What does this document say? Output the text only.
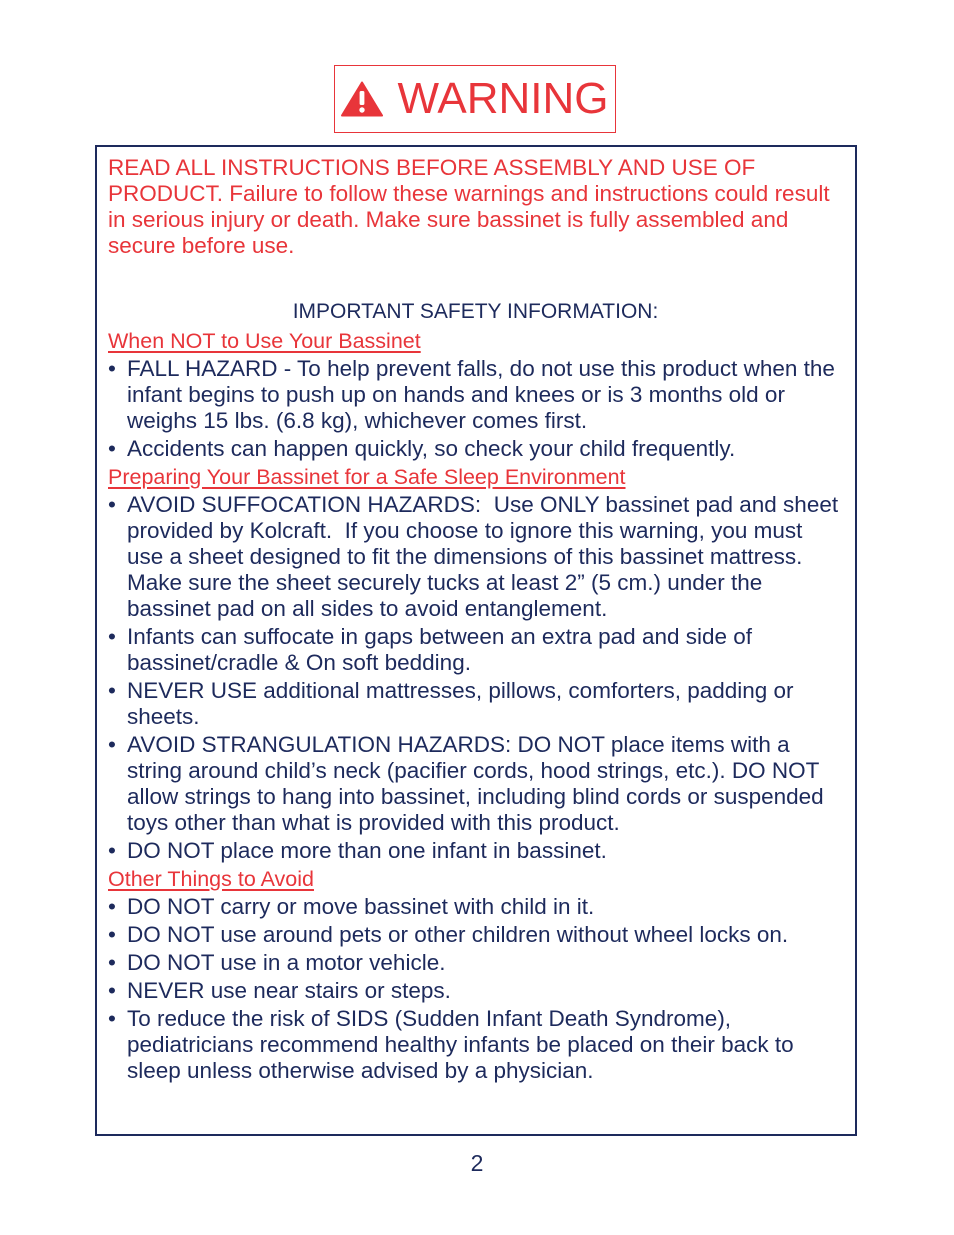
WARNING

READ ALL INSTRUCTIONS BEFORE ASSEMBLY AND USE OF PRODUCT. Failure to follow these warnings and instructions could result in serious injury or death. Make sure bassinet is fully assembled and secure before use.

IMPORTANT SAFETY INFORMATION:
When NOT to Use Your Bassinet
• FALL HAZARD - To help prevent falls, do not use this product when the infant begins to push up on hands and knees or is 3 months old or weighs 15 lbs. (6.8 kg), whichever comes first.
• Accidents can happen quickly, so check your child frequently.
Preparing Your Bassinet for a Safe Sleep Environment
• AVOID SUFFOCATION HAZARDS:  Use ONLY bassinet pad and sheet provided by Kolcraft.  If you choose to ignore this warning, you must use a sheet designed to fit the dimensions of this bassinet mattress.  Make sure the sheet securely tucks at least 2” (5 cm.) under the bassinet pad on all sides to avoid entanglement.
• Infants can suffocate in gaps between an extra pad and side of bassinet/cradle & On soft bedding.
• NEVER USE additional mattresses, pillows, comforters, padding or sheets.
• AVOID STRANGULATION HAZARDS: DO NOT place items with a string around child’s neck (pacifier cords, hood strings, etc.). DO NOT allow strings to hang into bassinet, including blind cords or suspended toys other than what is provided with this product.
• DO NOT place more than one infant in bassinet.
Other Things to Avoid
• DO NOT carry or move bassinet with child in it.
• DO NOT use around pets or other children without wheel locks on.
• DO NOT use in a motor vehicle.
• NEVER use near stairs or steps.
• To reduce the risk of SIDS (Sudden Infant Death Syndrome), pediatricians recommend healthy infants be placed on their back to sleep unless otherwise advised by a physician.
2
